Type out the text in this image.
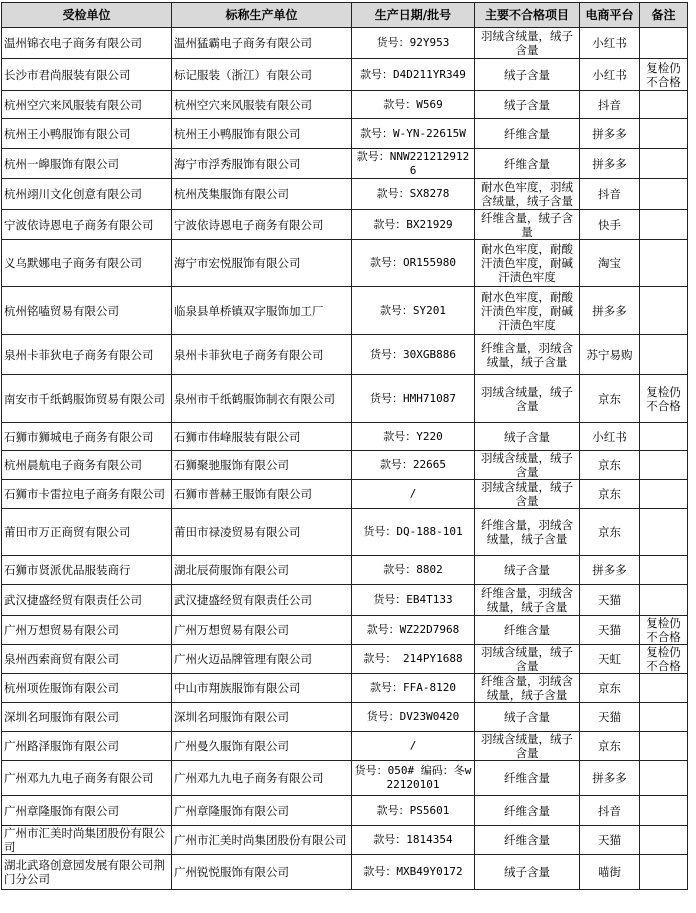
受检单位	标称生产单位	生产日期/批号	主要不合格项目	电商平台	备注
温州锦衣电子商务有限公司	温州猛霸电子商务有限公司	货号：92Y953	羽绒含绒量，绒子含量	小红书	
长沙市君尚服装有限公司	标记服装（浙江）有限公司	款号：D4D211YR349	绒子含量	小红书	复检仍不合格
杭州空穴来风服装有限公司	杭州空穴来风服装有限公司	款号：W569	绒子含量	抖音	
杭州王小鸭服饰有限公司	杭州王小鸭服饰有限公司	款号：W-YN-22615W	纤维含量	拼多多	
杭州一皞服饰有限公司	海宁市浮秀服饰有限公司	款号：NNW2212129126	纤维含量	拼多多	
杭州翊川文化创意有限公司	杭州茂集服饰有限公司	款号：SX8278	耐水色牢度，羽绒含绒量，绒子含量	抖音	
宁波依诗恩电子商务有限公司	宁波依诗恩电子商务有限公司	款号：BX21929	纤维含量，绒子含量	快手	
义乌默娜电子商务有限公司	海宁市宏悦服饰有限公司	款号：OR155980	耐水色牢度，耐酸汗渍色牢度，耐碱汗渍色牢度	淘宝	
杭州铭嗑贸易有限公司	临泉县单桥镇双字服饰加工厂	款号：SY201	耐水色牢度，耐酸汗渍色牢度，耐碱汗渍色牢度	拼多多	
泉州卡菲狄电子商务有限公司	泉州卡菲狄电子商务有限公司	货号：30XGB886	纤维含量，羽绒含绒量，绒子含量	苏宁易购	
南安市千纸鹤服饰贸易有限公司	泉州市千纸鹤服饰制衣有限公司	货号：HMH71087	羽绒含绒量，绒子含量	京东	复检仍不合格
石狮市狮城电子商务有限公司	石狮市伟峰服装有限公司	款号：Y220	绒子含量	小红书	
杭州晨航电子商务有限公司	石狮聚驰服饰有限公司	款号：22665	羽绒含绒量，绒子含量	京东	
石狮市卡雷拉电子商务有限公司	石狮市普赫王服饰有限公司	/	羽绒含绒量，绒子含量	京东	
莆田市万正商贸有限公司	莆田市禄凌贸易有限公司	货号：DQ-188-101	纤维含量，羽绒含绒量，绒子含量	京东	
石狮市贤派优品服装商行	湖北辰荷服饰有限公司	款号：8802	绒子含量	拼多多	
武汉捷盛经贸有限责任公司	武汉捷盛经贸有限责任公司	货号：EB4T133	纤维含量，羽绒含绒量，绒子含量	天猫	
广州万想贸易有限公司	广州万想贸易有限公司	款号：WZ22D7968	纤维含量	天猫	复检仍不合格
泉州西索商贸有限公司	广州火迈品牌管理有限公司	款号： 214PY1688	羽绒含绒量，绒子含量	天虹	复检仍不合格
杭州项佐服饰有限公司	中山市翔族服饰有限公司	款号：FFA-8120	纤维含量，羽绒含绒量，绒子含量	京东	
深圳名珂服饰有限公司	深圳名珂服饰有限公司	货号：DV23W0420	绒子含量	天猫	
广州路泽服饰有限公司	广州曼久服饰有限公司	/	羽绒含绒量，绒子含量	京东	
广州邓九九电子商务有限公司	广州邓九九电子商务有限公司	货号：050# 编码：冬w22120101	纤维含量	拼多多	
广州章隆服饰有限公司	广州章隆服饰有限公司	款号：PS5601	纤维含量	抖音	
广州市汇美时尚集团股份有限公司	广州市汇美时尚集团股份有限公司	款号：1814354	纤维含量	天猫	
湖北武珞创意园发展有限公司荆门分公司	广州锐悦服饰有限公司	款号：MXB49Y0172	绒子含量	喵街	
